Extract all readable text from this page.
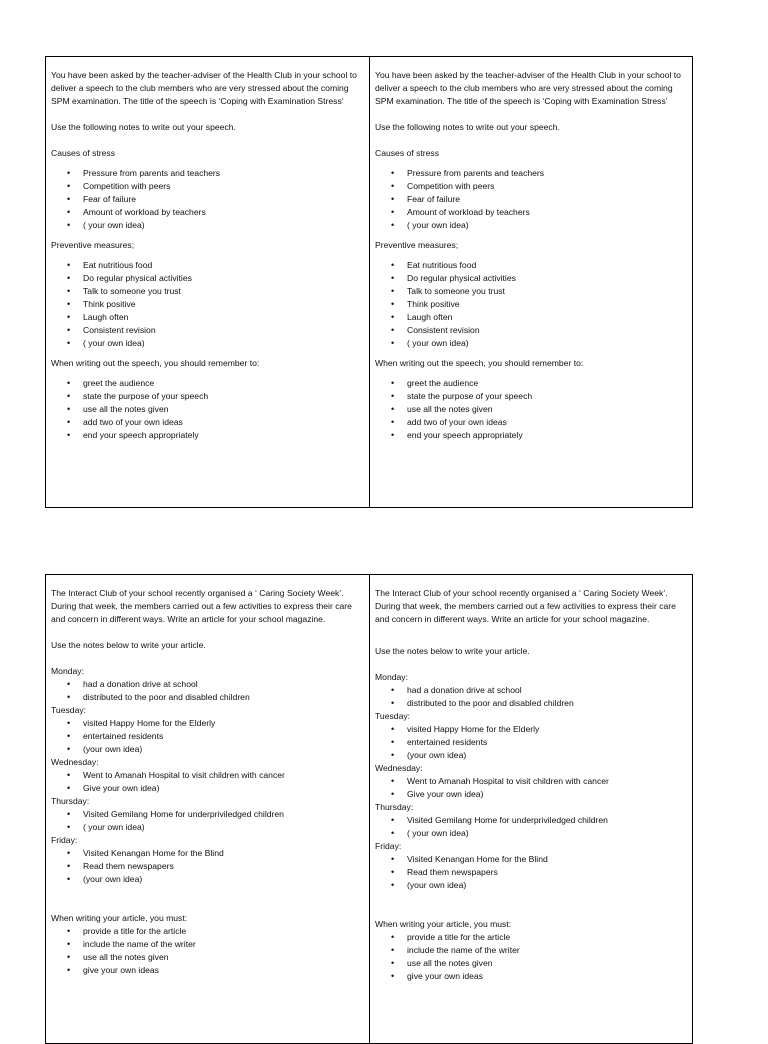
You have been asked by the teacher-adviser of the Health Club in your school to deliver a speech to the club members who are very stressed about the coming SPM examination. The title of the speech is ‘Coping with Examination Stress’

Use the following notes to write out your speech.

Causes of stress

• Pressure from parents and teachers
• Competition with peers
• Fear of failure
• Amount of workload by teachers
• ( your own idea)

Preventive measures;

• Eat nutritious food
• Do regular physical activities
• Talk to someone you trust
• Think positive
• Laugh often
• Consistent revision
• ( your own idea)

When writing out the speech, you should remember to:

• greet the audience
• state the purpose of your speech
• use all the notes given
• add two of your own ideas
• end your speech appropriately

You have been asked by the teacher-adviser of the Health Club in your school to deliver a speech to the club members who are very stressed about the coming SPM examination. The title of the speech is ‘Coping with Examination Stress’

Use the following notes to write out your speech.

Causes of stress

• Pressure from parents and teachers
• Competition with peers
• Fear of failure
• Amount of workload by teachers
• ( your own idea)

Preventive measures;

• Eat nutritious food
• Do regular physical activities
• Talk to someone you trust
• Think positive
• Laugh often
• Consistent revision
• ( your own idea)

When writing out the speech, you should remember to:

• greet the audience
• state the purpose of your speech
• use all the notes given
• add two of your own ideas
• end your speech appropriately

The Interact Club of your school recently organised a ‘ Caring Society Week’. During that week, the members carried out a few activities to express their care and concern in different ways. Write an article for your school magazine.

Use the notes below to write your article.

Monday:

• had a donation drive at school
• distributed to the poor and disabled children

Tuesday:

• visited Happy Home for the Elderly
• entertained residents
• (your own idea)

Wednesday:

• Went to Amanah Hospital to visit children with cancer
• Give your own idea)

Thursday:

• Visited Gemilang Home for underpriviledged children
• ( your own idea)

Friday:

• Visited Kenangan Home for the Blind
• Read them newspapers
• (your own idea)

When writing your article, you must:

• provide a title for the article
• include the name of the writer
• use all the notes given
• give your own ideas

The Interact Club of your school recently organised a ‘ Caring Society Week’. During that week, the members carried out a few activities to express their care and concern in different ways. Write an article for your school magazine.

Use the notes below to write your article.

Monday:

• had a donation drive at school
• distributed to the poor and disabled children

Tuesday:

• visited Happy Home for the Elderly
• entertained residents
• (your own idea)

Wednesday:

• Went to Amanah Hospital to visit children with cancer
• Give your own idea)

Thursday:

• Visited Gemilang Home for underpriviledged children
• ( your own idea)

Friday:

• Visited Kenangan Home for the Blind
• Read them newspapers
• (your own idea)

When writing your article, you must:

• provide a title for the article
• include the name of the writer
• use all the notes given
• give your own ideas
